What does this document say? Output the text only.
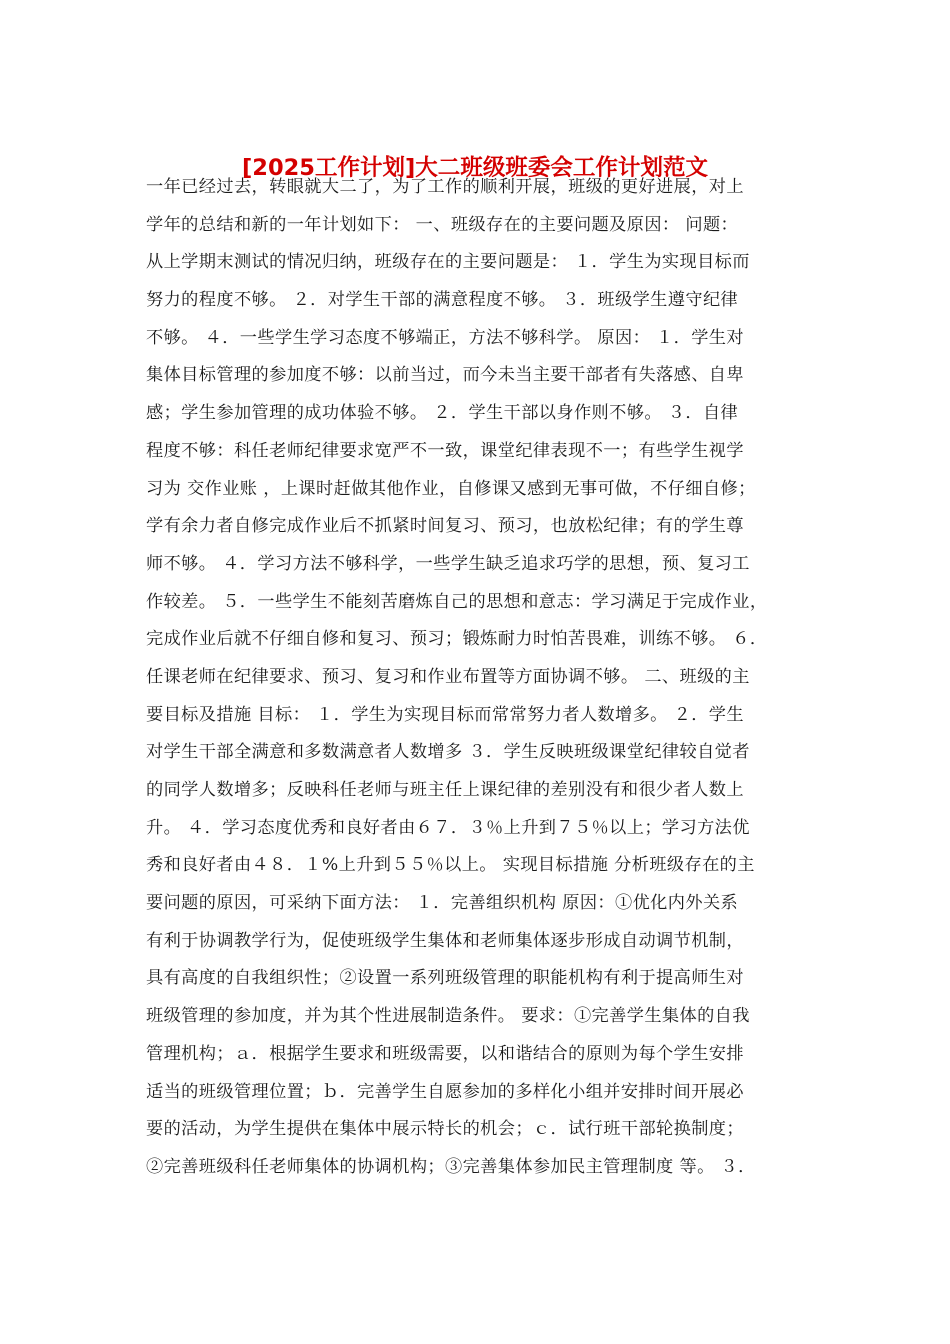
[2025工作计划]大二班级班委会工作计划范文
一年已经过去，转眼就大二了，为了工作的顺利开展，班级的更好进展，对上
学年的总结和新的一年计划如下： 一、班级存在的主要问题及原因： 问题：
从上学期末测试的情况归纳，班级存在的主要问题是： １．学生为实现目标而
努力的程度不够。 ２．对学生干部的满意程度不够。 ３．班级学生遵守纪律
不够。 ４．一些学生学习态度不够端正，方法不够科学。 原因： １．学生对
集体目标管理的参加度不够：以前当过，而今未当主要干部者有失落感、自卑
感；学生参加管理的成功体验不够。 ２．学生干部以身作则不够。 ３．自律
程度不够：科任老师纪律要求宽严不一致，课堂纪律表现不一；有些学生视学
习为 交作业账 ，上课时赶做其他作业，自修课又感到无事可做，不仔细自修；
学有余力者自修完成作业后不抓紧时间复习、预习，也放松纪律；有的学生尊
师不够。 ４．学习方法不够科学，一些学生缺乏追求巧学的思想，预、复习工
作较差。 ５．一些学生不能刻苦磨炼自己的思想和意志：学习满足于完成作业，
完成作业后就不仔细自修和复习、预习；锻炼耐力时怕苦畏难，训练不够。 ６．
任课老师在纪律要求、预习、复习和作业布置等方面协调不够。 二、班级的主
要目标及措施 目标： １．学生为实现目标而常常努力者人数增多。 ２．学生
对学生干部全满意和多数满意者人数增多 ３．学生反映班级课堂纪律较自觉者
的同学人数增多；反映科任老师与班主任上课纪律的差别没有和很少者人数上
升。 ４．学习态度优秀和良好者由６７．３％上升到７５％以上；学习方法优
秀和良好者由４８．１%上升到５５％以上。 实现目标措施 分析班级存在的主
要问题的原因，可采纳下面方法： １．完善组织机构 原因：①优化内外关系
有利于协调教学行为，促使班级学生集体和老师集体逐步形成自动调节机制，
具有高度的自我组织性；②设置一系列班级管理的职能机构有利于提高师生对
班级管理的参加度，并为其个性进展制造条件。 要求：①完善学生集体的自我
管理机构；ａ．根据学生要求和班级需要，以和谐结合的原则为每个学生安排
适当的班级管理位置；ｂ．完善学生自愿参加的多样化小组并安排时间开展必
要的活动，为学生提供在集体中展示特长的机会；ｃ．试行班干部轮换制度；
②完善班级科任老师集体的协调机构；③完善集体参加民主管理制度 等。 ３．
